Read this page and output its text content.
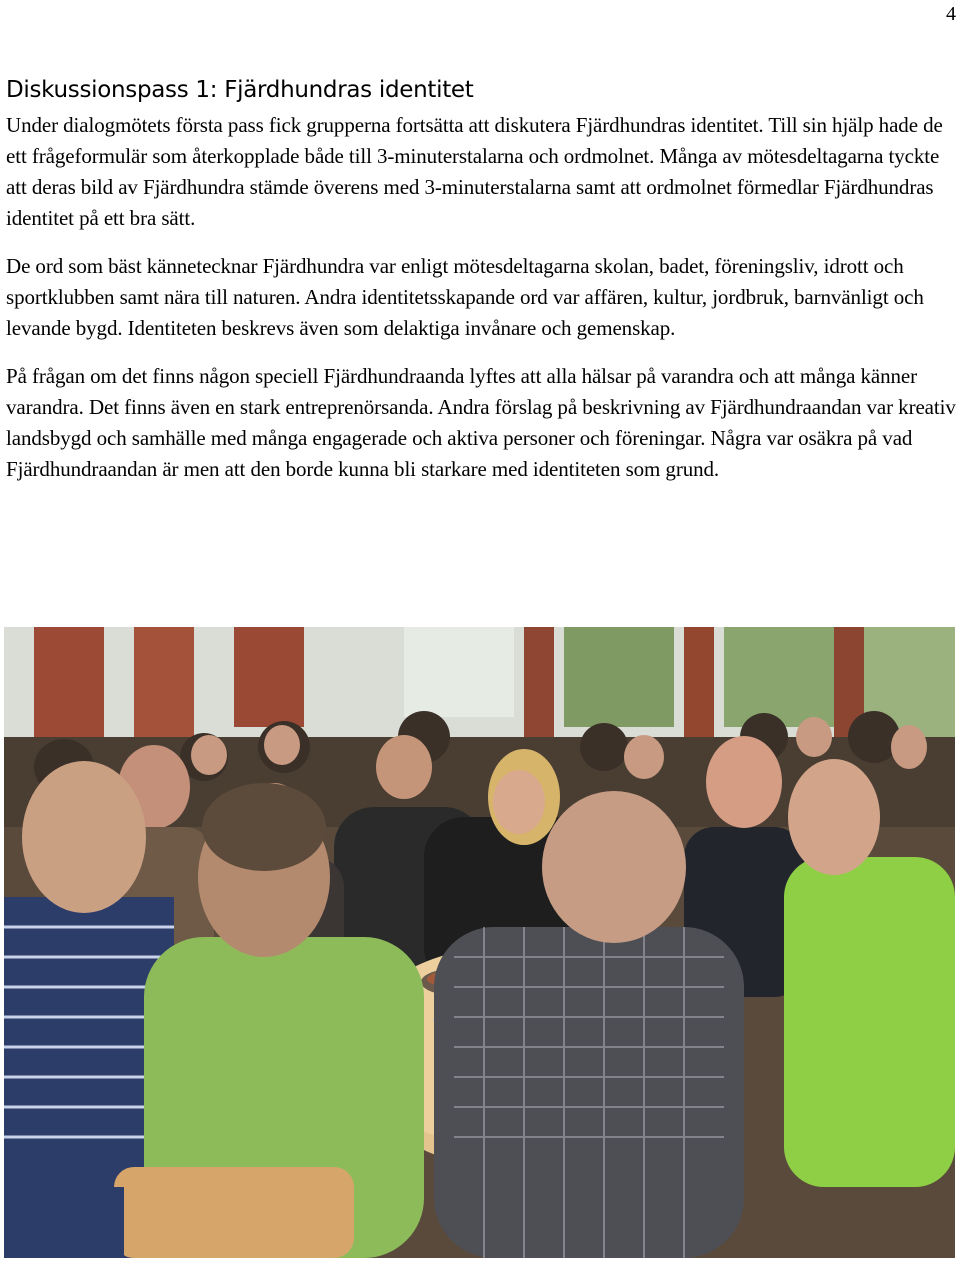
4
Diskussionspass 1: Fjärdhundras identitet

Under dialogmötets första pass fick grupperna fortsätta att diskutera Fjärdhundras identitet. Till sin hjälp hade de ett frågeformulär som återkopplade både till 3-minuterstalarna och ordmolnet. Många av mötesdeltagarna tyckte att deras bild av Fjärdhundra stämde överens med 3-minuterstalarna samt att ordmolnet förmedlar Fjärdhundras identitet på ett bra sätt.

De ord som bäst kännetecknar Fjärdhundra var enligt mötesdeltagarna skolan, badet, föreningsliv, idrott och sportklubben samt nära till naturen. Andra identitetsskapande ord var affären, kultur, jordbruk, barnvänligt och levande bygd. Identiteten beskrevs även som delaktiga invånare och gemenskap.

På frågan om det finns någon speciell Fjärdhundraanda lyftes att alla hälsar på varandra och att många känner varandra. Det finns även en stark entreprenörsanda. Andra förslag på beskrivning av Fjärdhundraandan var kreativ landsbygd och samhälle med många engagerade och aktiva personer och föreningar. Några var osäkra på vad Fjärdhundraandan är men att den borde kunna bli starkare med identiteten som grund.
